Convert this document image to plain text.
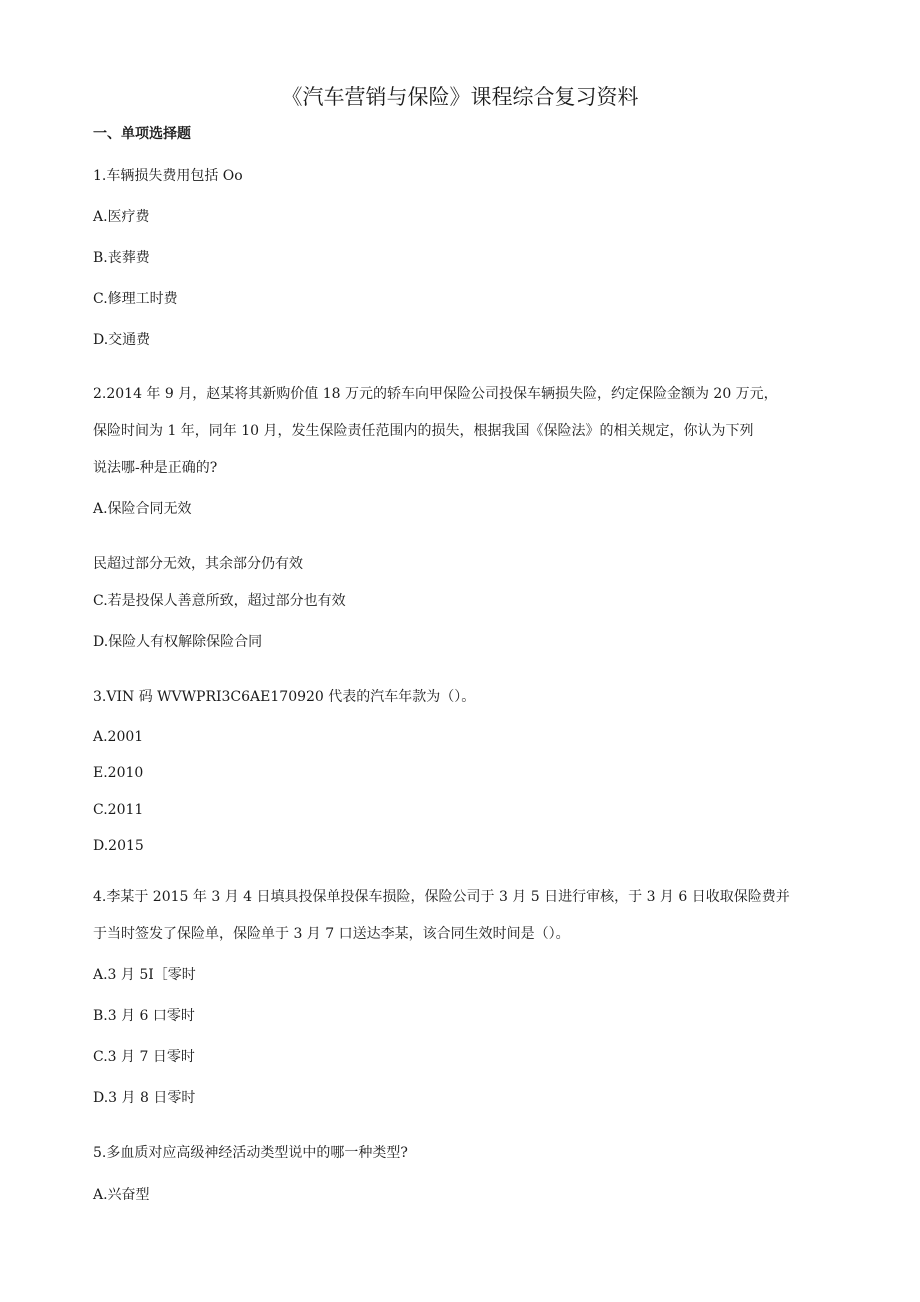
《汽车营销与保险》课程综合复习资料
一、单项选择题
1.车辆损失费用包括 Oo
A.医疗费
B.丧葬费
C.修理工时费
D.交通费
2.2014 年 9 月，赵某将其新购价值 18 万元的轿车向甲保险公司投保车辆损失险，约定保险金额为 20 万元，
保险时间为 1 年，同年 10 月，发生保险责任范围内的损失，根据我国《保险法》的相关规定，你认为下列
说法哪-种是正确的?
A.保险合同无效
民超过部分无效，其余部分仍有效
C.若是投保人善意所致，超过部分也有效
D.保险人有权解除保险合同
3.VIN 码 WVWPRI3C6AE170920 代表的汽车年款为（）。
A.2001
E.2010
C.2011
D.2015
4.李某于 2015 年 3 月 4 日填具投保单投保车损险，保险公司于 3 月 5 日进行审核，于 3 月 6 日收取保险费并
于当时签发了保险单，保险单于 3 月 7 口送达李某，该合同生效时间是（）。
A.3 月 5I［零时
B.3 月 6 口零时
C.3 月 7 日零时
D.3 月 8 日零时
5.多血质对应高级神经活动类型说中的哪一种类型?
A.兴奋型
